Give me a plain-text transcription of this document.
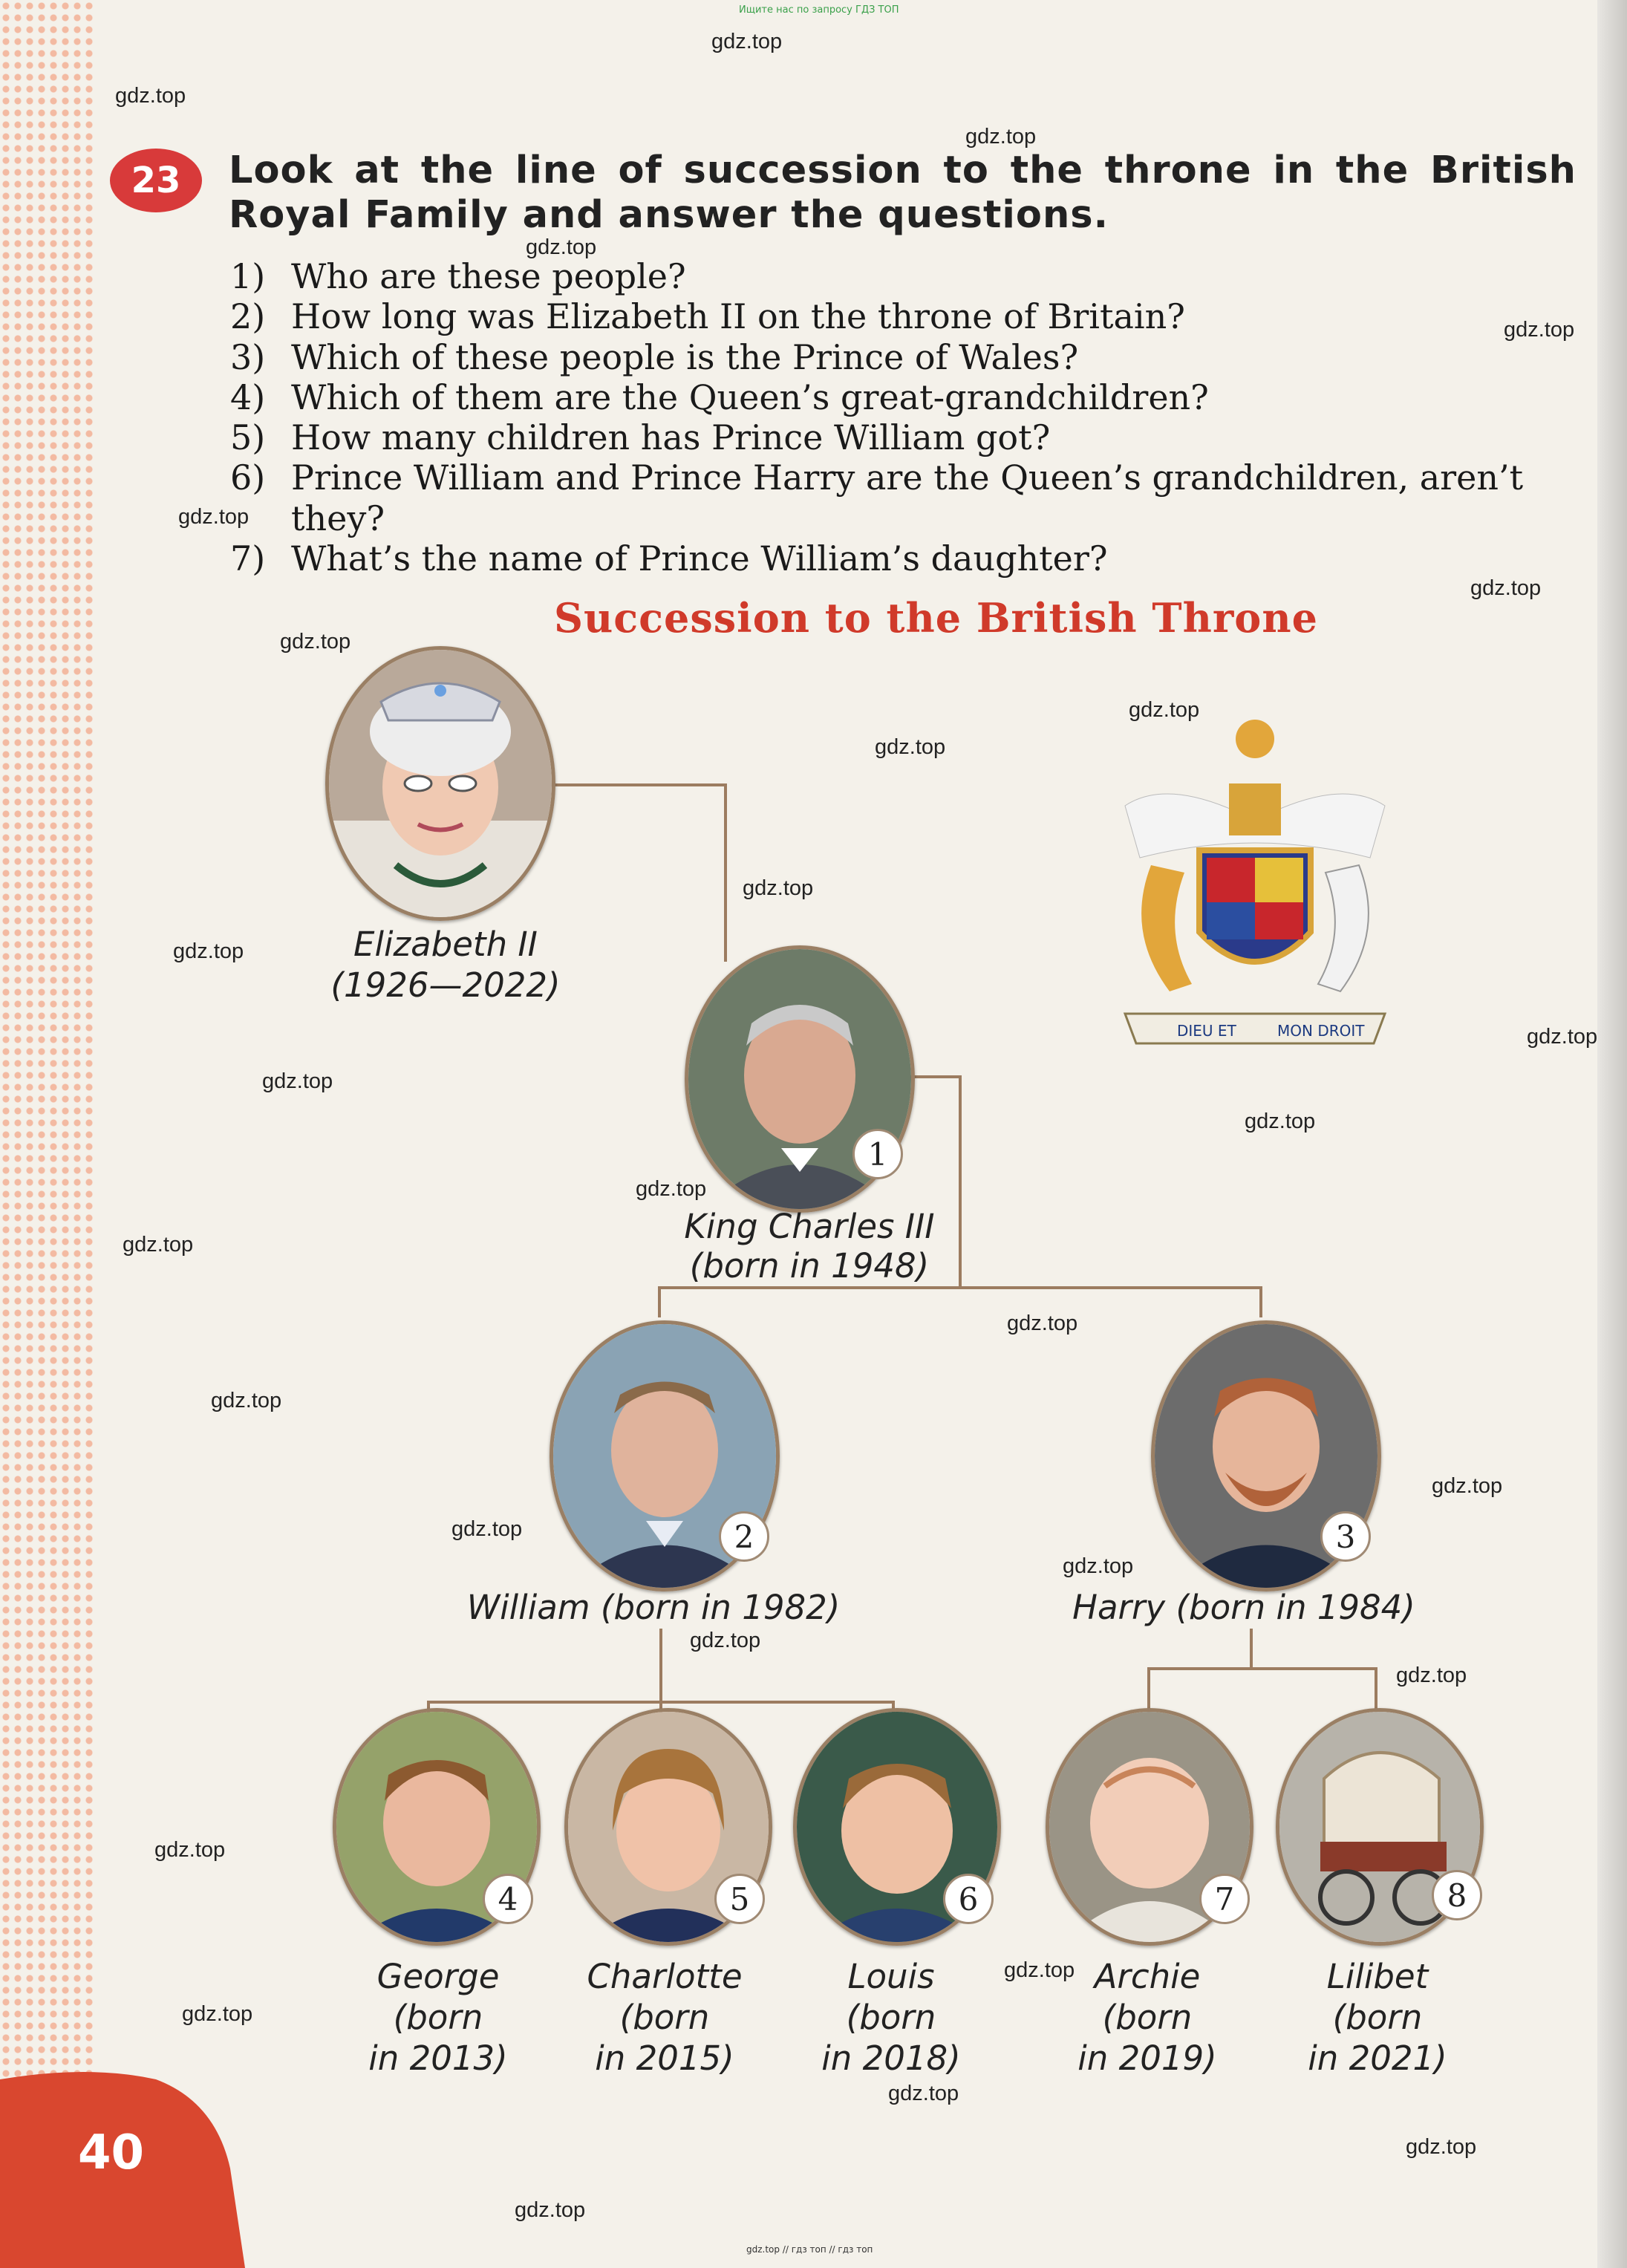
Ищите нас по запросу ГДЗ ТОП
gdz.top
gdz.top
gdz.top
gdz.top
gdz.top
gdz.top
gdz.top
gdz.top
gdz.top
gdz.top
gdz.top
gdz.top
gdz.top
gdz.top
gdz.top
gdz.top
gdz.top
gdz.top
gdz.top
gdz.top
gdz.top
gdz.top
gdz.top
gdz.top
gdz.top
gdz.top
gdz.top
gdz.top
gdz.top
gdz.top
23	Look at the line of succession to the throne in the British Royal Family and answer the questions.
1) Who are these people?
2) How long was Elizabeth II on the throne of Britain?
3) Which of these people is the Prince of Wales?
4) Which of them are the Queen’s great-grandchildren?
5) How many children has Prince William got?
6) Prince William and Prince Harry are the Queen’s grandchildren, aren’t they?
7) What’s the name of Prince William’s daughter?
Succession to the British Throne
Elizabeth II
(1926—2022)
1
King Charles III
(born in 1948)
DIEU ET	MON DROIT
2
William (born in 1982)
3
Harry (born in 1984)
4
George
(born
in 2013)
5
Charlotte
(born
in 2015)
6
Louis
(born
in 2018)
7
Archie
(born
in 2019)
8
Lilibet
(born
in 2021)
40
gdz.top // гдз топ // гдз топ
